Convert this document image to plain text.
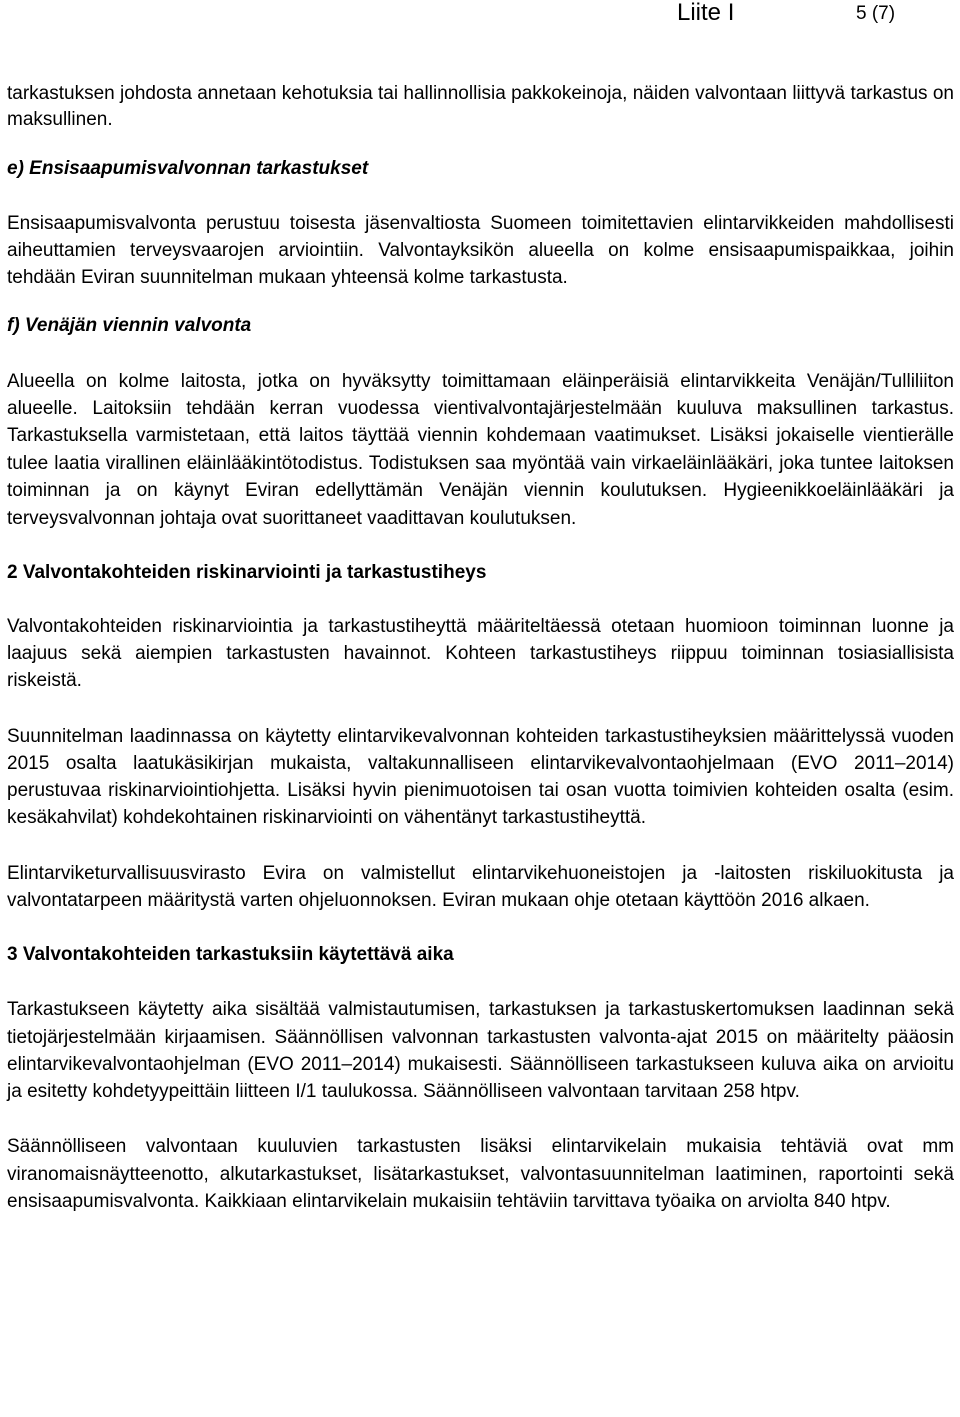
Liite I	5 (7)

tarkastuksen johdosta annetaan kehotuksia tai hallinnollisia pakkokeinoja, näiden valvontaan liittyvä tarkastus on maksullinen.

e) Ensisaapumisvalvonnan tarkastukset

Ensisaapumisvalvonta perustuu toisesta jäsenvaltiosta Suomeen toimitettavien elintarvikkeiden mahdollisesti aiheuttamien terveysvaarojen arviointiin. Valvontayksikön alueella on kolme ensisaapumispaikkaa, joihin tehdään Eviran suunnitelman mukaan yhteensä kolme tarkastusta.

f) Venäjän viennin valvonta

Alueella on kolme laitosta, jotka on hyväksytty toimittamaan eläinperäisiä elintarvikkeita Venäjän/Tulliliiton alueelle. Laitoksiin tehdään kerran vuodessa vientivalvontajärjestelmään kuuluva maksullinen tarkastus. Tarkastuksella varmistetaan, että laitos täyttää viennin kohdemaan vaatimukset. Lisäksi jokaiselle vientierälle tulee laatia virallinen eläinlääkintötodistus. Todistuksen saa myöntää vain virkaeläinlääkäri, joka tuntee laitoksen toiminnan ja on käynyt Eviran edellyttämän Venäjän viennin koulutuksen. Hygieenikkoeläinlääkäri ja terveysvalvonnan johtaja ovat suorittaneet vaadittavan koulutuksen.

2 Valvontakohteiden riskinarviointi ja tarkastustiheys

Valvontakohteiden riskinarviointia ja tarkastustiheyttä määriteltäessä otetaan huomioon toiminnan luonne ja laajuus sekä aiempien tarkastusten havainnot. Kohteen tarkastustiheys riippuu toiminnan tosiasiallisista riskeistä.

Suunnitelman laadinnassa on käytetty elintarvikevalvonnan kohteiden tarkastustiheyksien määrittelyssä vuoden 2015 osalta laatukäsikirjan mukaista, valtakunnalliseen elintarvikevalvontaohjelmaan (EVO 2011–2014) perustuvaa riskinarviointiohjetta. Lisäksi hyvin pienimuotoisen tai osan vuotta toimivien kohteiden osalta (esim. kesäkahvilat) kohdekohtainen riskinarviointi on vähentänyt tarkastustiheyttä.

Elintarviketurvallisuusvirasto Evira on valmistellut elintarvikehuoneistojen ja -laitosten riskiluokitusta ja valvontatarpeen määritystä varten ohjeluonnoksen. Eviran mukaan ohje otetaan käyttöön 2016 alkaen.

3 Valvontakohteiden tarkastuksiin käytettävä aika

Tarkastukseen käytetty aika sisältää valmistautumisen, tarkastuksen ja tarkastuskertomuksen laadinnan sekä tietojärjestelmään kirjaamisen. Säännöllisen valvonnan tarkastusten valvonta-ajat 2015 on määritelty pääosin elintarvikevalvontaohjelman (EVO 2011–2014) mukaisesti. Säännölliseen tarkastukseen kuluva aika on arvioitu ja esitetty kohdetyypeittäin liitteen I/1 taulukossa. Säännölliseen valvontaan tarvitaan 258 htpv.

Säännölliseen valvontaan kuuluvien tarkastusten lisäksi elintarvikelain mukaisia tehtäviä ovat mm viranomaisnäytteenotto, alkutarkastukset, lisätarkastukset, valvontasuunnitelman laatiminen, raportointi sekä ensisaapumisvalvonta. Kaikkiaan elintarvikelain mukaisiin tehtäviin tarvittava työaika on arviolta 840 htpv.
